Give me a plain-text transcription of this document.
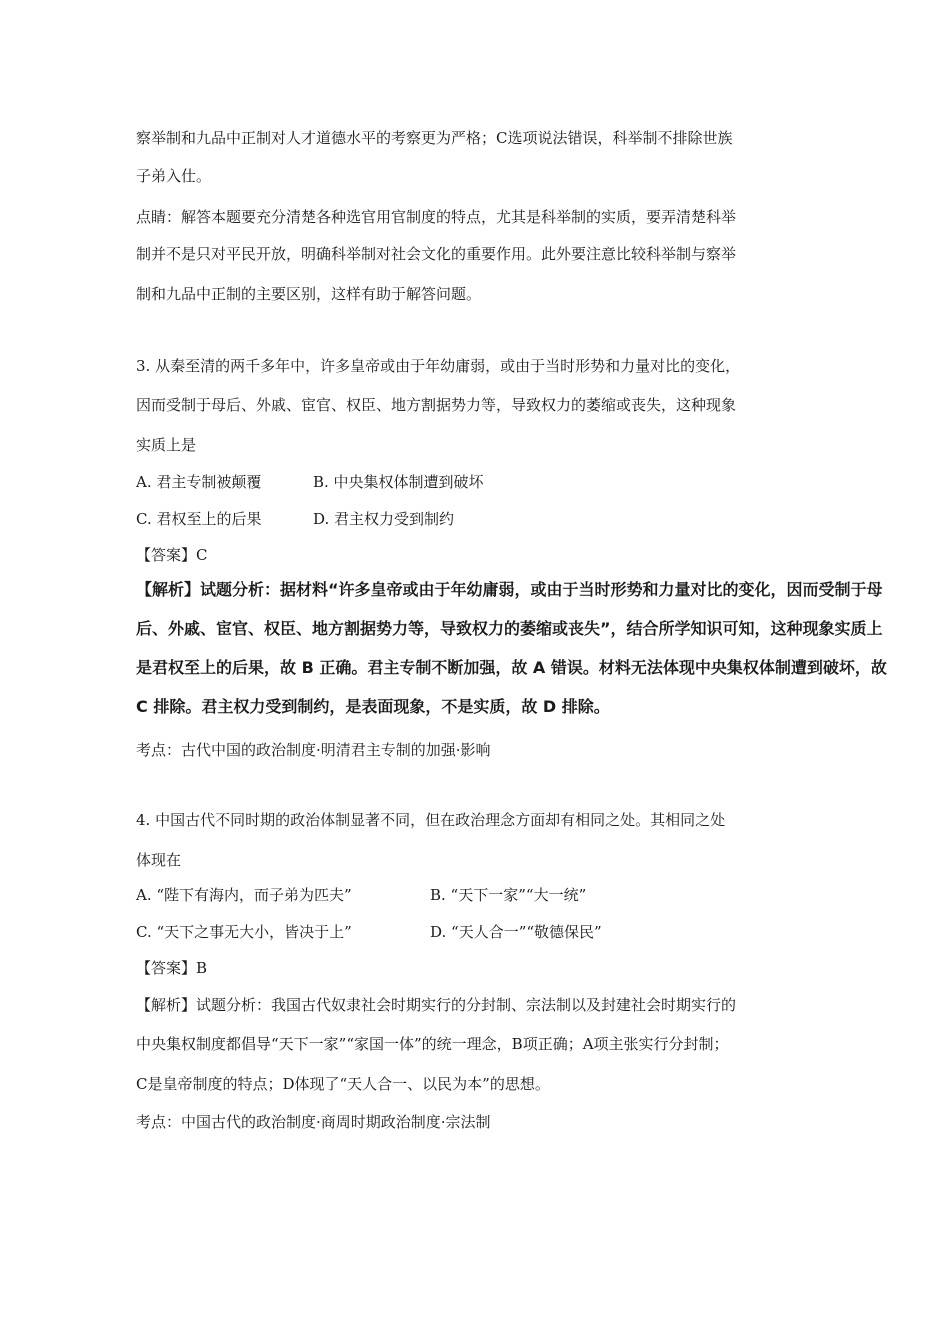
察举制和九品中正制对人才道德水平的考察更为严格；C选项说法错误，科举制不排除世族
子弟入仕。
点睛：解答本题要充分清楚各种选官用官制度的特点，尤其是科举制的实质，要弄清楚科举
制并不是只对平民开放，明确科举制对社会文化的重要作用。此外要注意比较科举制与察举
制和九品中正制的主要区别，这样有助于解答问题。
3. 从秦至清的两千多年中，许多皇帝或由于年幼庸弱，或由于当时形势和力量对比的变化，
因而受制于母后、外戚、宦官、权臣、地方割据势力等，导致权力的萎缩或丧失，这种现象
实质上是
A. 君主专制被颠覆	B. 中央集权体制遭到破坏
C. 君权至上的后果	D. 君主权力受到制约
【答案】C
【解析】试题分析：据材料“许多皇帝或由于年幼庸弱，或由于当时形势和力量对比的变化，因而受制于母
后、外戚、宦官、权臣、地方割据势力等，导致权力的萎缩或丧失”，结合所学知识可知，这种现象实质上
是君权至上的后果，故 B 正确。君主专制不断加强，故 A 错误。材料无法体现中央集权体制遭到破坏，故
C 排除。君主权力受到制约，是表面现象，不是实质，故 D 排除。
考点：古代中国的政治制度·明清君主专制的加强·影响
4. 中国古代不同时期的政治体制显著不同，但在政治理念方面却有相同之处。其相同之处
体现在
A. “陛下有海内，而子弟为匹夫”	B. “天下一家”“大一统”
C. “天下之事无大小，皆决于上”	D. “天人合一”“敬德保民”
【答案】B
【解析】试题分析：我国古代奴隶社会时期实行的分封制、宗法制以及封建社会时期实行的
中央集权制度都倡导“天下一家”“家国一体”的统一理念，B项正确；A项主张实行分封制；
C是皇帝制度的特点；D体现了“天人合一、以民为本”的思想。
考点：中国古代的政治制度·商周时期政治制度·宗法制
